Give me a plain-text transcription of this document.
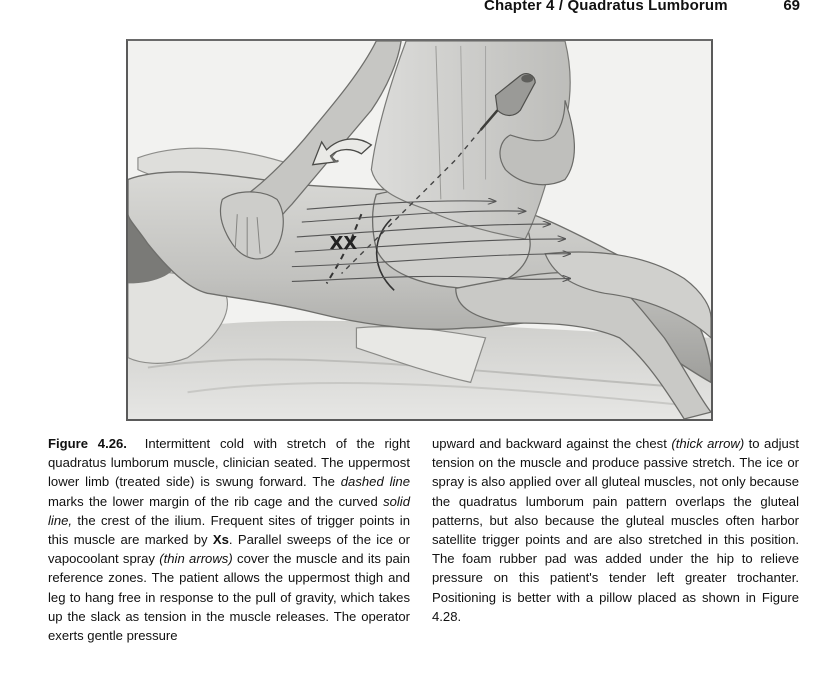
Chapter 4 / Quadratus Lumborum	69
XX

Figure 4.26. Intermittent cold with stretch of the right quadratus lumborum muscle, clinician seated. The uppermost lower limb (treated side) is swung forward. The dashed line marks the lower margin of the rib cage and the curved solid line, the crest of the ilium. Frequent sites of trigger points in this muscle are marked by Xs. Parallel sweeps of the ice or vapocoolant spray (thin arrows) cover the muscle and its pain reference zones. The patient allows the uppermost thigh and leg to hang free in response to the pull of gravity, which takes up the slack as tension in the muscle releases. The operator exerts gentle pressure

upward and backward against the chest (thick arrow) to adjust tension on the muscle and produce passive stretch. The ice or spray is also applied over all gluteal muscles, not only because the quadratus lumborum pain pattern overlaps the gluteal patterns, but also because the gluteal muscles often harbor satellite trigger points and are also stretched in this position. The foam rubber pad was added under the hip to relieve pressure on this patient's tender left greater trochanter. Positioning is better with a pillow placed as shown in Figure 4.28.
